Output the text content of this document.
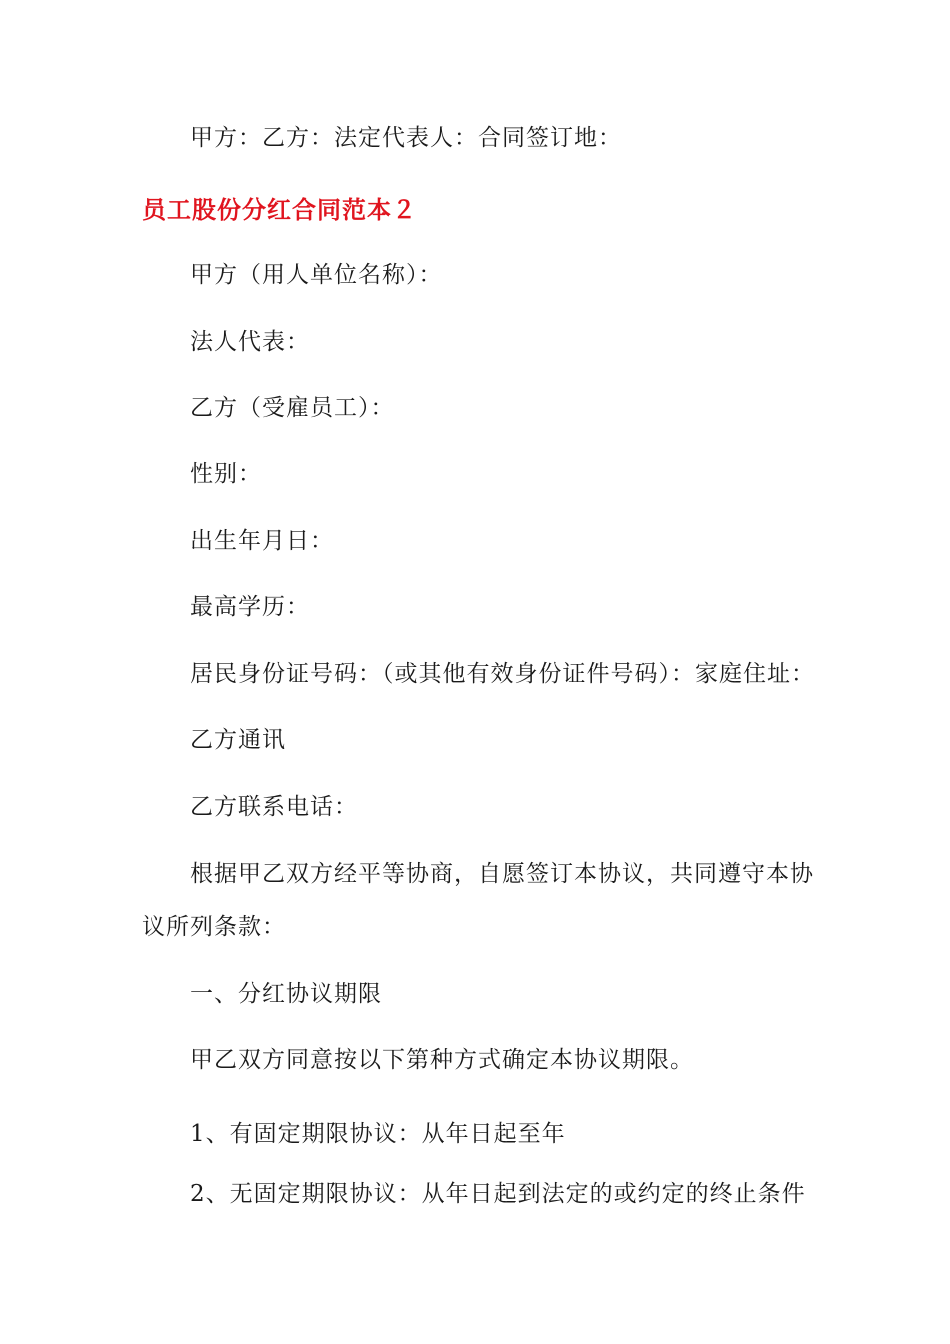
甲方：乙方：法定代表人：合同签订地：
员工股份分红合同范本２
甲方（用人单位名称）：
法人代表：
乙方（受雇员工）：
性别：
出生年月日：
最高学历：
居民身份证号码：（或其他有效身份证件号码）：家庭住址：
乙方通讯
乙方联系电话：
根据甲乙双方经平等协商，自愿签订本协议，共同遵守本协
议所列条款：
一、分红协议期限
甲乙双方同意按以下第种方式确定本协议期限。
1、有固定期限协议：从年日起至年
2、无固定期限协议：从年日起到法定的或约定的终止条件
